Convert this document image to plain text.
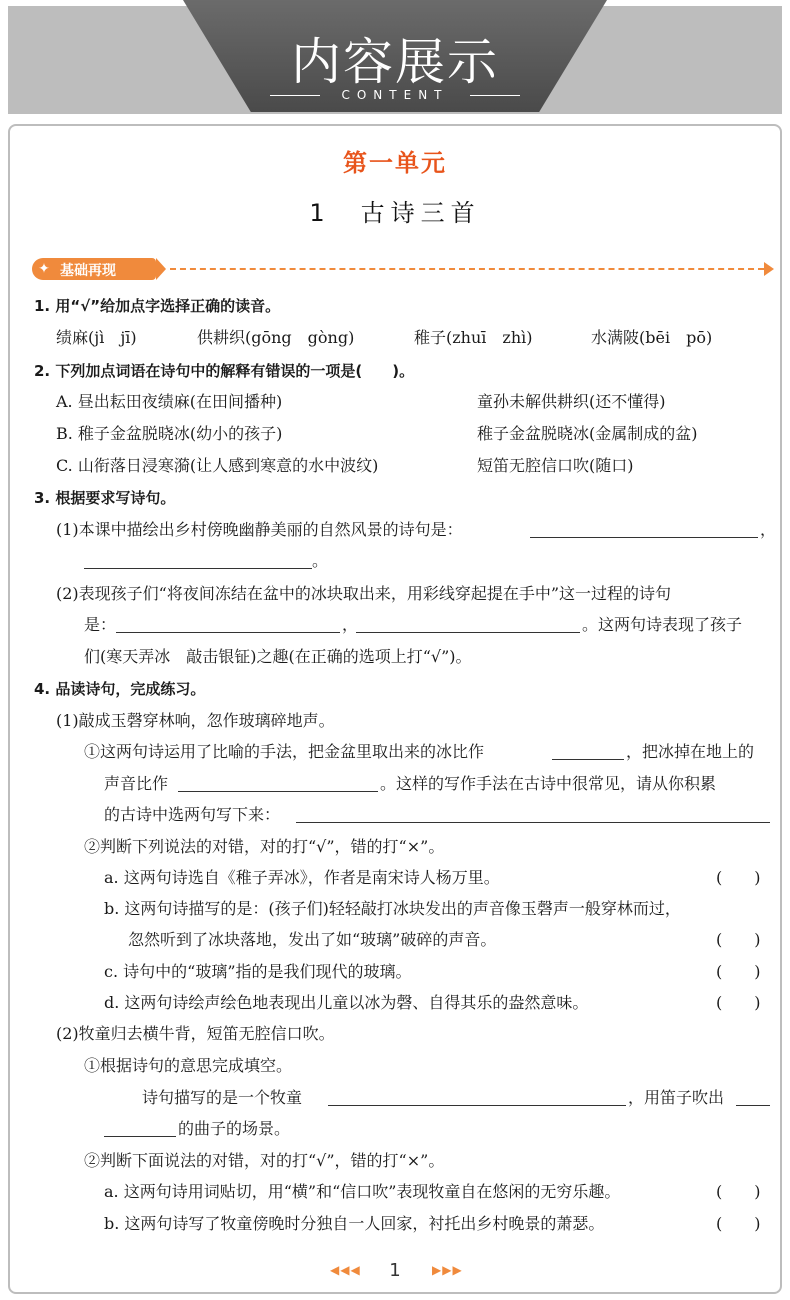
内容展示
CONTENT
第一单元
1　古诗三首
✦ 基础再现
1. 用“√”给加点字选择正确的读音。
绩麻(jì　jī)	供耕织(gōng　gòng)	稚子(zhuī　zhì)	水满陂(bēi　pō)
2. 下列加点词语在诗句中的解释有错误的一项是(　　)。
A. 昼出耘田夜绩麻(在田间播种)	童孙未解供耕织(还不懂得)
B. 稚子金盆脱晓冰(幼小的孩子)	稚子金盆脱晓冰(金属制成的盆)
C. 山衔落日浸寒漪(让人感到寒意的水中波纹)	短笛无腔信口吹(随口)
3. 根据要求写诗句。
(1)本课中描绘出乡村傍晚幽静美丽的自然风景的诗句是：	，
。
(2)表现孩子们“将夜间冻结在盆中的冰块取出来，用彩线穿起提在手中”这一过程的诗句
是：	，	。这两句诗表现了孩子
们(寒天弄冰　敲击银钲)之趣(在正确的选项上打“√”)。
4. 品读诗句，完成练习。
(1)敲成玉磬穿林响，忽作玻璃碎地声。
①这两句诗运用了比喻的手法，把金盆里取出来的冰比作	，把冰掉在地上的
声音比作	。这样的写作手法在古诗中很常见，请从你积累
的古诗中选两句写下来：
②判断下列说法的对错，对的打“√”，错的打“×”。
a. 这两句诗选自《稚子弄冰》，作者是南宋诗人杨万里。	(　　)
b. 这两句诗描写的是：(孩子们)轻轻敲打冰块发出的声音像玉磬声一般穿林而过，
忽然听到了冰块落地，发出了如“玻璃”破碎的声音。	(　　)
c. 诗句中的“玻璃”指的是我们现代的玻璃。	(　　)
d. 这两句诗绘声绘色地表现出儿童以冰为磬、自得其乐的盎然意味。	(　　)
(2)牧童归去横牛背，短笛无腔信口吹。
①根据诗句的意思完成填空。
诗句描写的是一个牧童	，用笛子吹出
的曲子的场景。
②判断下面说法的对错，对的打“√”，错的打“×”。
a. 这两句诗用词贴切，用“横”和“信口吹”表现牧童自在悠闲的无穷乐趣。	(　　)
b. 这两句诗写了牧童傍晚时分独自一人回家，衬托出乡村晚景的萧瑟。	(　　)
◀◀◀	1	▶▶▶
